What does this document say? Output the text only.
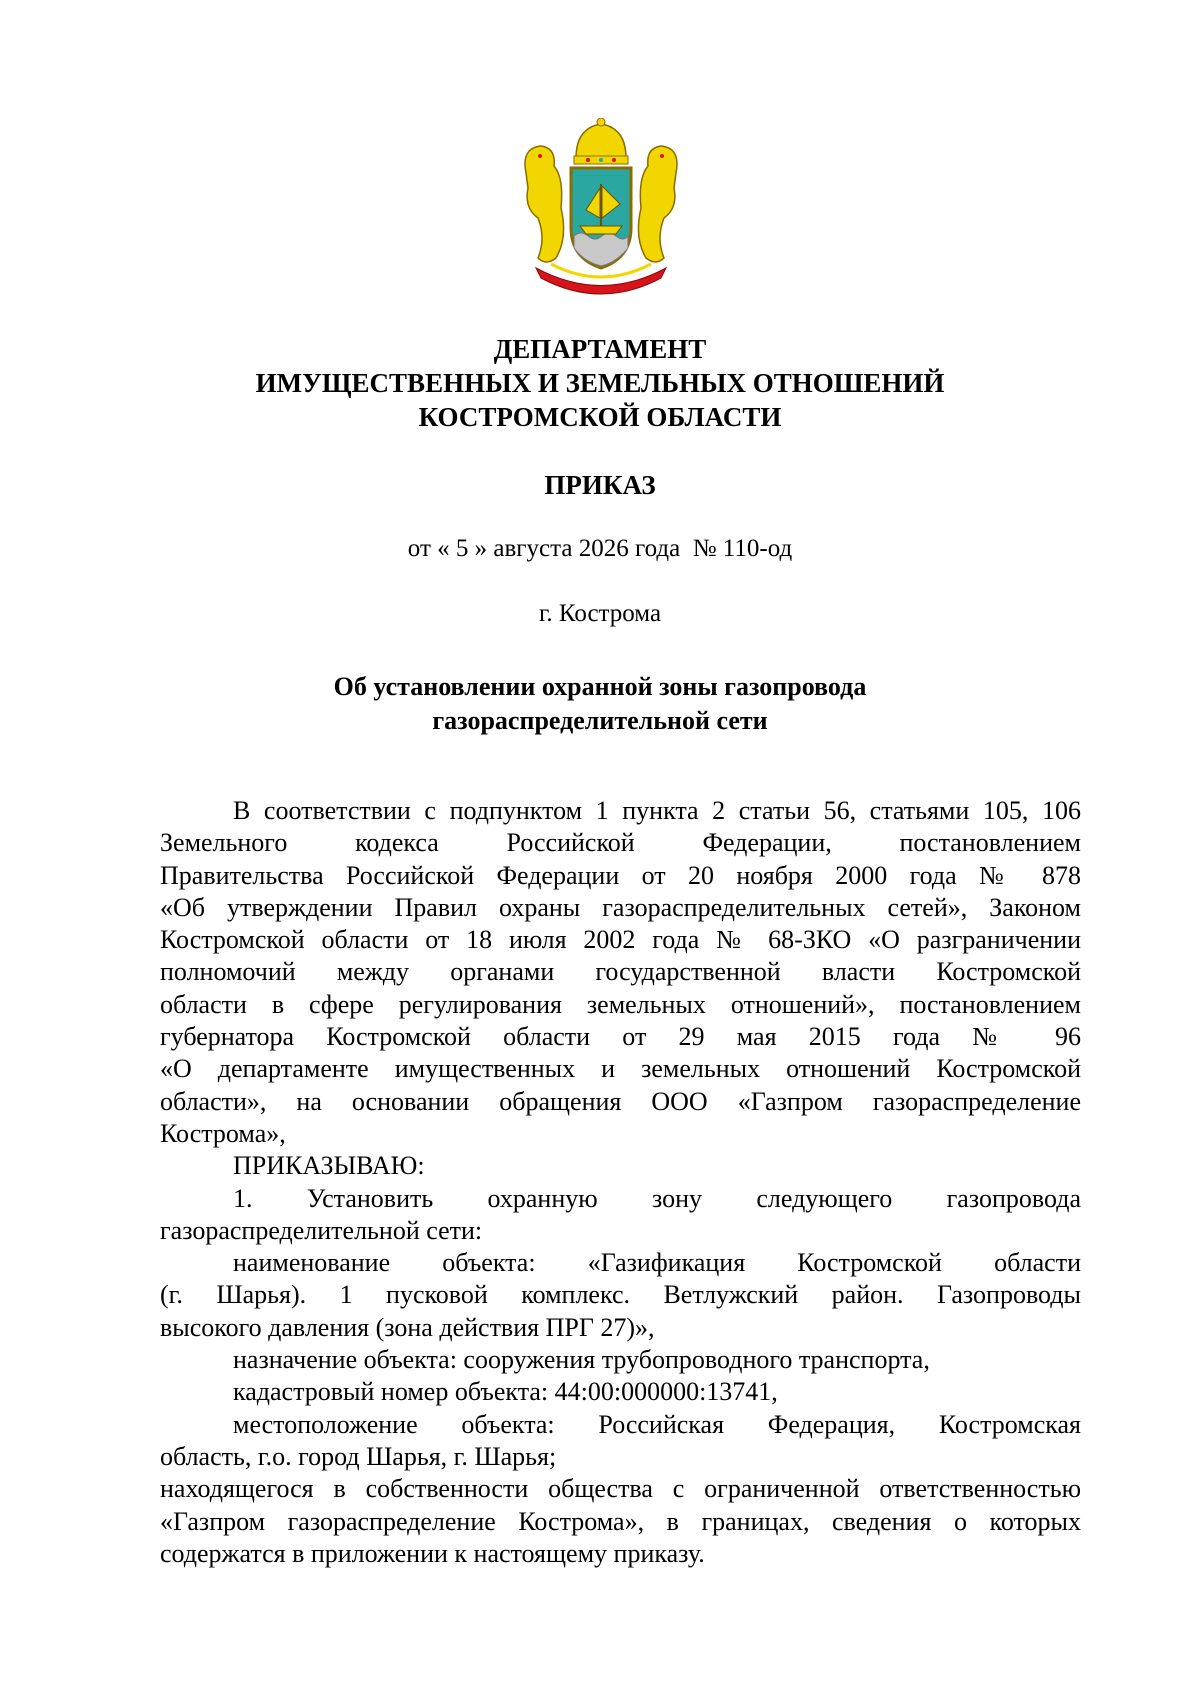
ДЕПАРТАМЕНТ
ИМУЩЕСТВЕННЫХ И ЗЕМЕЛЬНЫХ ОТНОШЕНИЙ
КОСТРОМСКОЙ ОБЛАСТИ
ПРИКАЗ
от « 5 » августа 2026 года  № 110-од
г. Кострома
Об установлении охранной зоны газопровода
газораспределительной сети

В соответствии с подпунктом 1 пункта 2 статьи 56, статьями 105, 106
Земельного кодекса Российской Федерации, постановлением
Правительства Российской Федерации от 20 ноября 2000 года № 878
«Об утверждении Правил охраны газораспределительных сетей», Законом
Костромской области от 18 июля 2002 года № 68-ЗКО «О разграничении
полномочий между органами государственной власти Костромской
области в сфере регулирования земельных отношений», постановлением
губернатора Костромской области от 29 мая 2015 года № 96
«О департаменте имущественных и земельных отношений Костромской
области», на основании обращения ООО «Газпром газораспределение
Кострома»,

ПРИКАЗЫВАЮ:

1. Установить охранную зону следующего газопровода
газораспределительной сети:

наименование объекта: «Газификация Костромской области
(г. Шарья). 1 пусковой комплекс. Ветлужский район. Газопроводы
высокого давления (зона действия ПРГ 27)»,

назначение объекта: сооружения трубопроводного транспорта,

кадастровый номер объекта: 44:00:000000:13741,

местоположение объекта: Российская Федерация, Костромская
область, г.о. город Шарья, г. Шарья;

находящегося в собственности общества с ограниченной ответственностью
«Газпром газораспределение Кострома», в границах, сведения о которых
содержатся в приложении к настоящему приказу.
